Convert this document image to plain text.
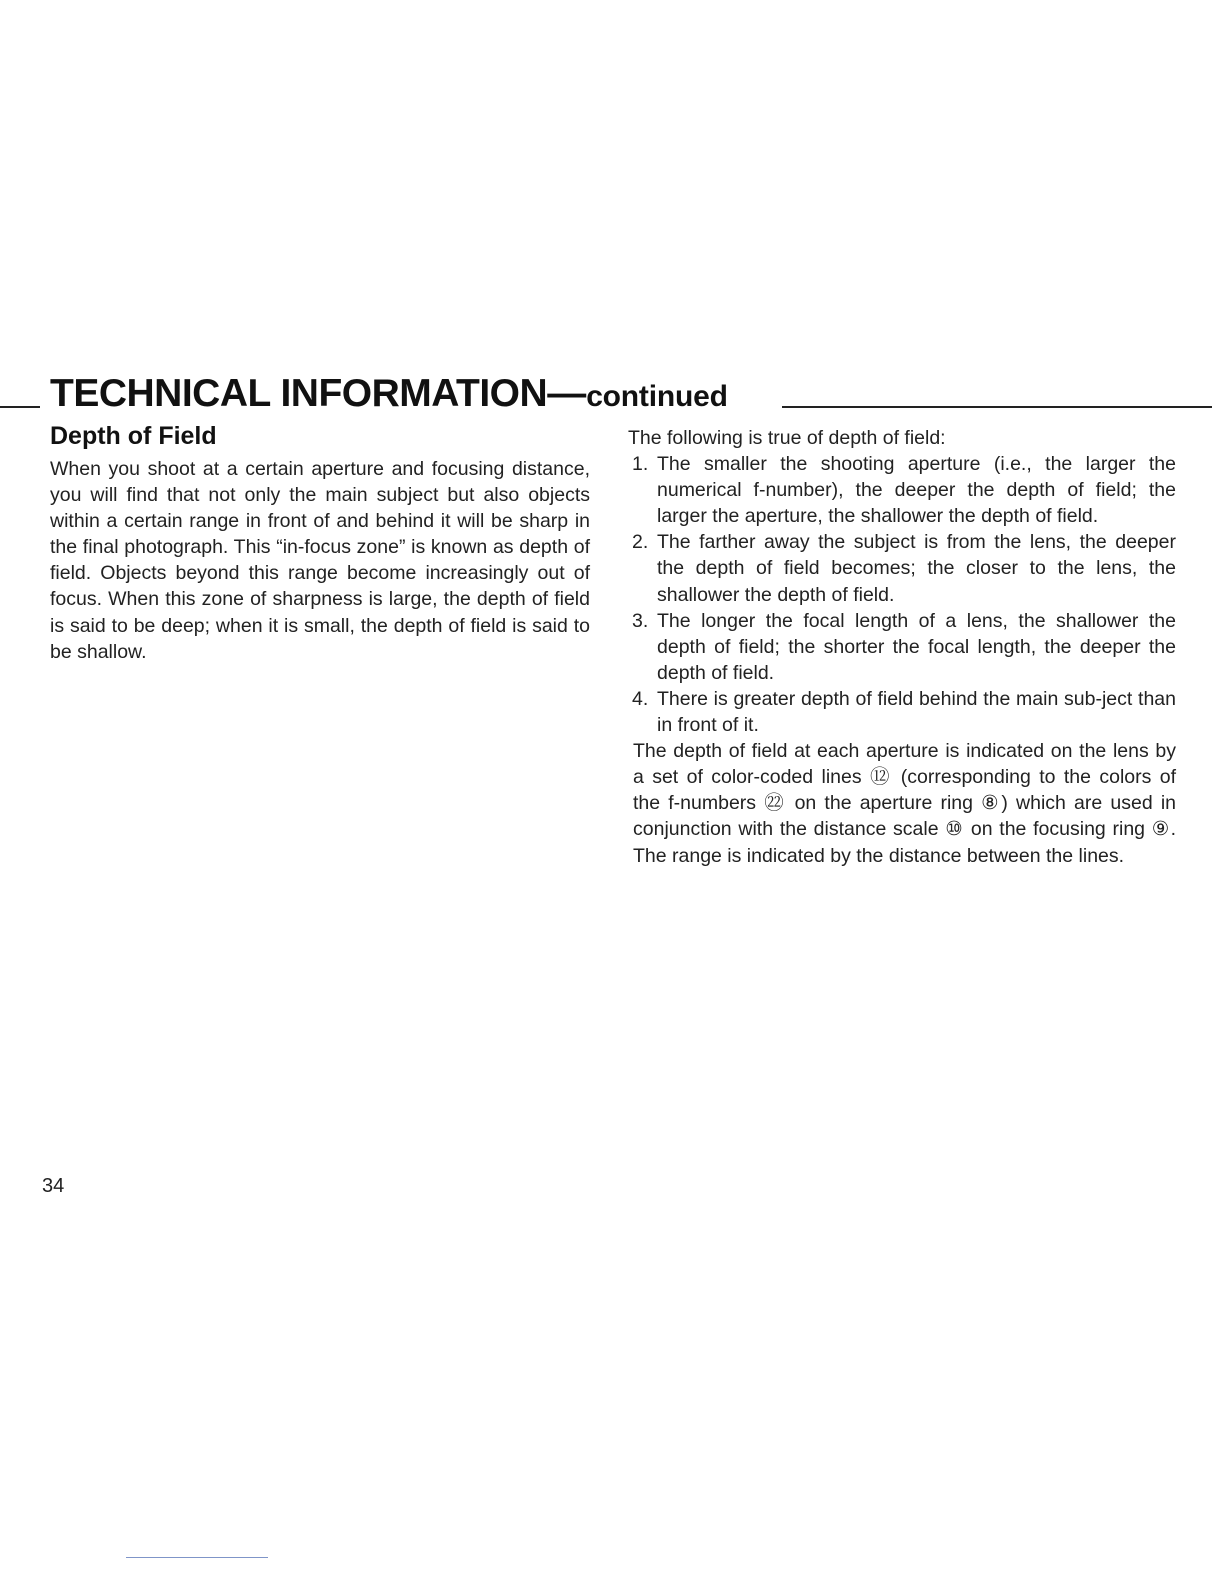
TECHNICAL INFORMATION—continued
Depth of Field

When you shoot at a certain aperture and focusing distance, you will find that not only the main subject but also objects within a certain range in front of and behind it will be sharp in the final photograph. This “in-focus zone” is known as depth of field. Objects beyond this range become increasingly out of focus. When this zone of sharpness is large, the depth of field is said to be deep; when it is small, the depth of field is said to be shallow.

The following is true of depth of field:

1. The smaller the shooting aperture (i.e., the larger the numerical f-number), the deeper the depth of field; the larger the aperture, the shallower the depth of field.
2. The farther away the subject is from the lens, the deeper the depth of field becomes; the closer to the lens, the shallower the depth of field.
3. The longer the focal length of a lens, the shallower the depth of field; the shorter the focal length, the deeper the depth of field.
4. There is greater depth of field behind the main sub-ject than in front of it.

The depth of field at each aperture is indicated on the lens by a set of color-coded lines ⑫ (corresponding to the colors of the f-numbers ㉒ on the aperture ring ⑧) which are used in conjunction with the distance scale ⑩ on the focusing ring ⑨. The range is indicated by the distance between the lines.

34
